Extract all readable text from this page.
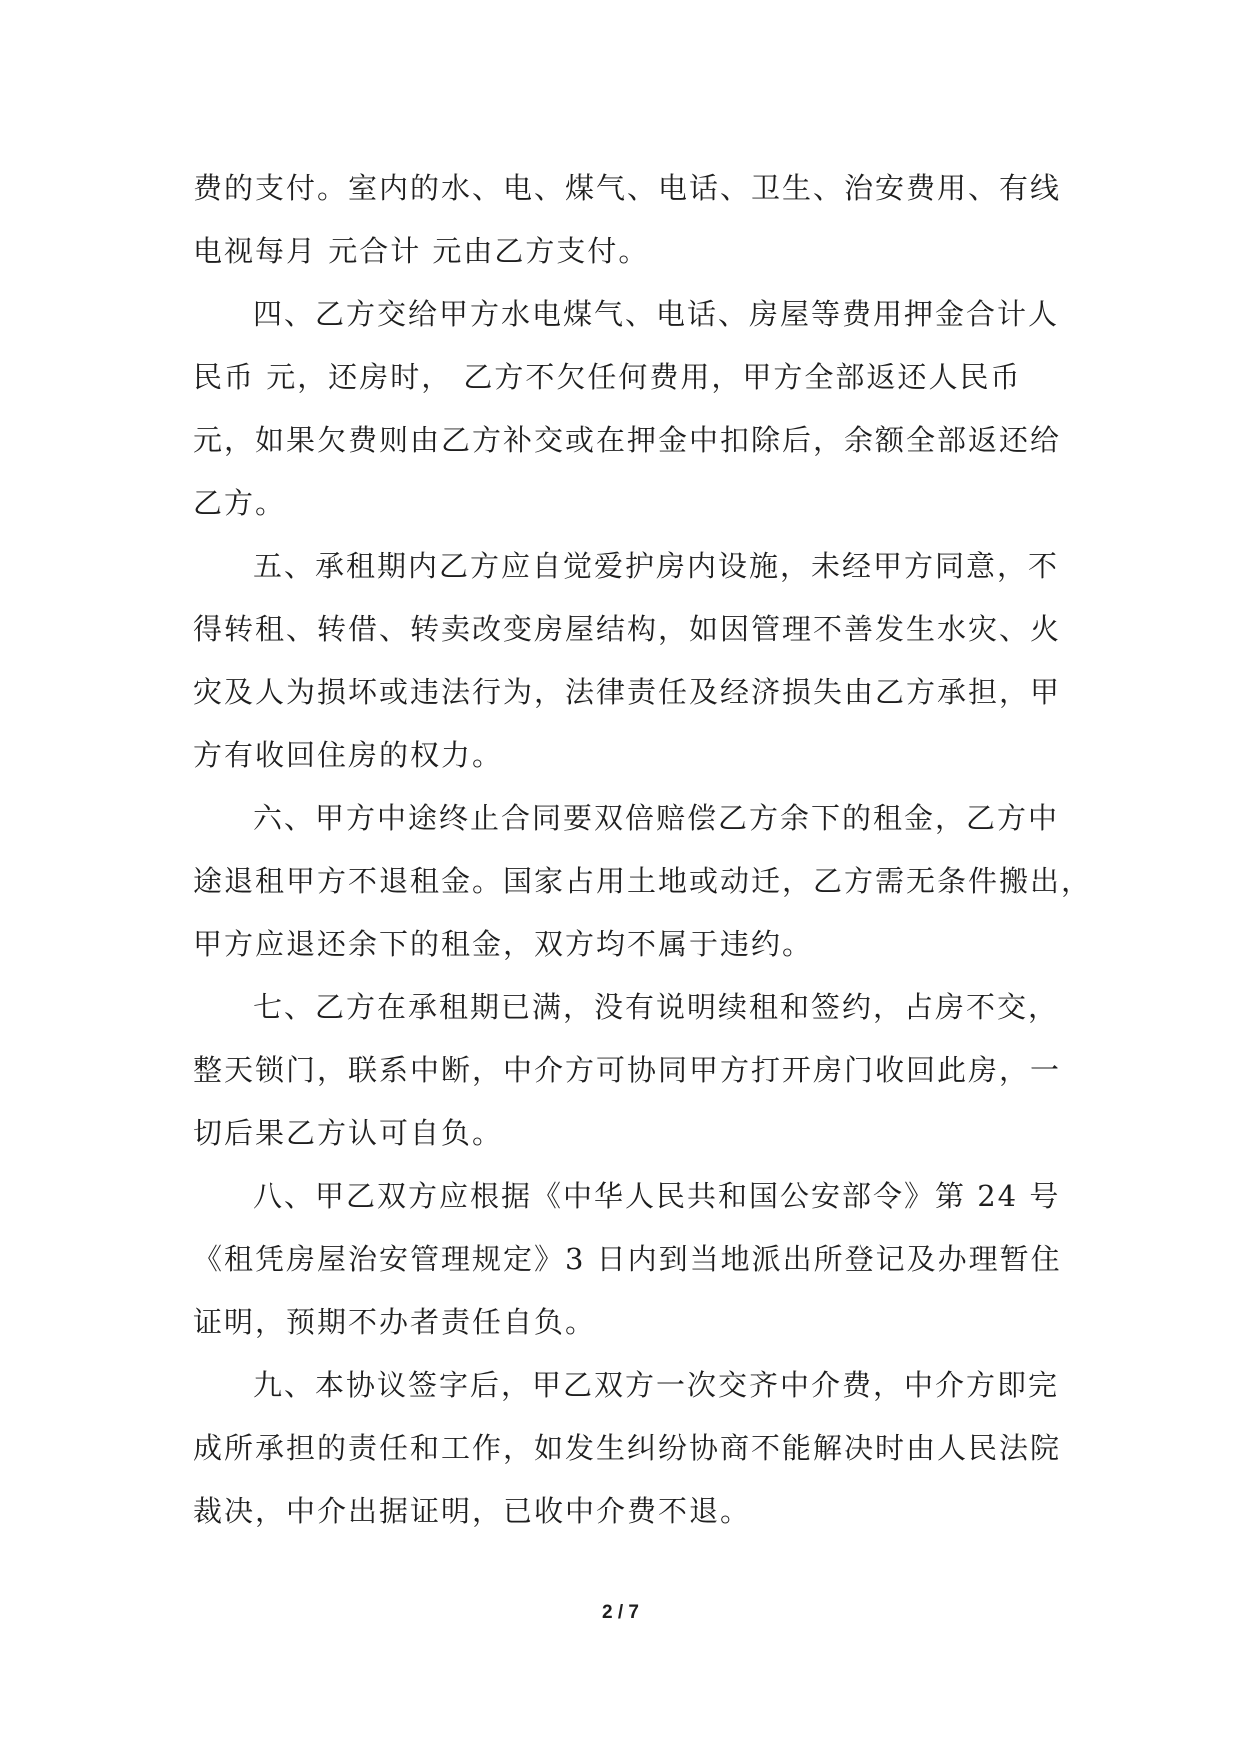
费的支付。室内的水、电、煤气、电话、卫生、治安费用、有线
电视每月 元合计 元由乙方支付。
四、乙方交给甲方水电煤气、电话、房屋等费用押金合计人
民币 元，还房时， 乙方不欠任何费用，甲方全部返还人民币
元，如果欠费则由乙方补交或在押金中扣除后，余额全部返还给
乙方。
五、承租期内乙方应自觉爱护房内设施，未经甲方同意，不
得转租、转借、转卖改变房屋结构，如因管理不善发生水灾、火
灾及人为损坏或违法行为，法律责任及经济损失由乙方承担，甲
方有收回住房的权力。
六、甲方中途终止合同要双倍赔偿乙方余下的租金，乙方中
途退租甲方不退租金。国家占用土地或动迁，乙方需无条件搬出，
甲方应退还余下的租金，双方均不属于违约。
七、乙方在承租期已满，没有说明续租和签约，占房不交，
整天锁门，联系中断，中介方可协同甲方打开房门收回此房，一
切后果乙方认可自负。
八、甲乙双方应根据《中华人民共和国公安部令》第 24 号
《租凭房屋治安管理规定》3 日内到当地派出所登记及办理暂住
证明，预期不办者责任自负。
九、本协议签字后，甲乙双方一次交齐中介费，中介方即完
成所承担的责任和工作，如发生纠纷协商不能解决时由人民法院
裁决，中介出据证明，已收中介费不退。
2 / 7
